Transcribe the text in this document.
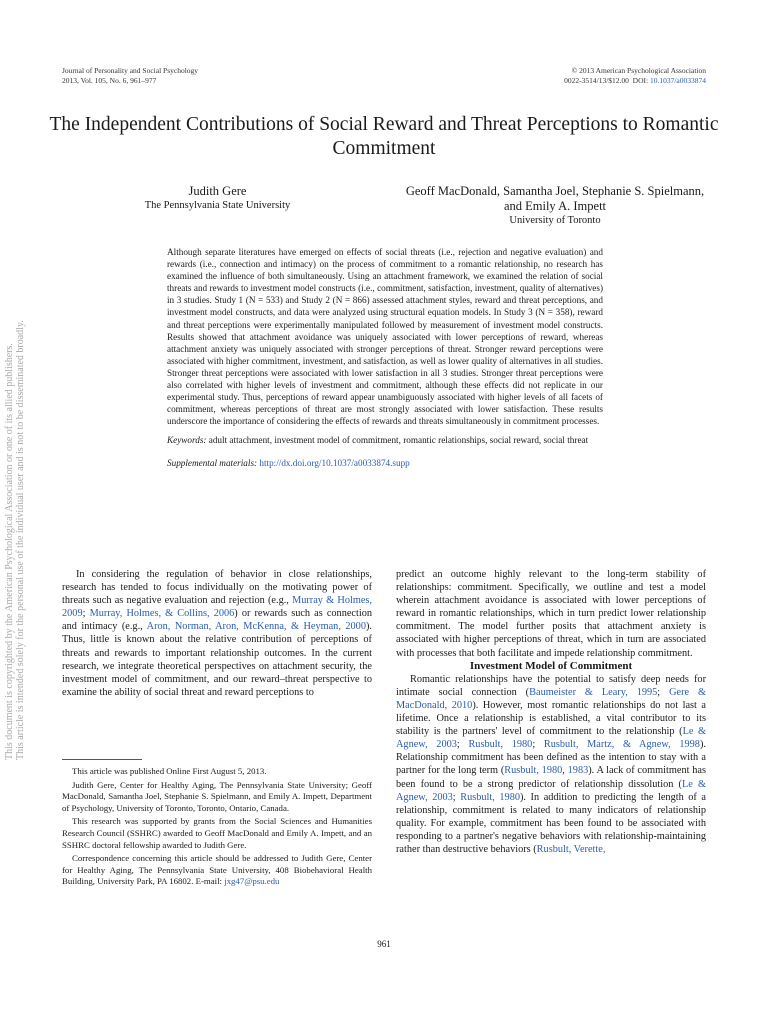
Journal of Personality and Social Psychology
2013, Vol. 105, No. 6, 961–977
© 2013 American Psychological Association
0022-3514/13/$12.00 DOI: 10.1037/a0033874
The Independent Contributions of Social Reward and Threat Perceptions to Romantic Commitment
Judith Gere
The Pennsylvania State University
Geoff MacDonald, Samantha Joel, Stephanie S. Spielmann, and Emily A. Impett
University of Toronto

Although separate literatures have emerged on effects of social threats (i.e., rejection and negative evaluation) and rewards (i.e., connection and intimacy) on the process of commitment to a romantic relationship, no research has examined the influence of both simultaneously. Using an attachment framework, we examined the relation of social threats and rewards to investment model constructs (i.e., commitment, satisfaction, investment, quality of alternatives) in 3 studies. Study 1 (N = 533) and Study 2 (N = 866) assessed attachment styles, reward and threat perceptions, and investment model constructs, and data were analyzed using structural equation models. In Study 3 (N = 358), reward and threat perceptions were experimentally manipulated followed by measurement of investment model constructs. Results showed that attachment avoidance was uniquely associated with lower perceptions of reward, whereas attachment anxiety was uniquely associated with stronger perceptions of threat. Stronger reward perceptions were associated with higher commitment, investment, and satisfaction, as well as lower quality of alternatives in all studies. Stronger threat perceptions were associated with lower satisfaction in all 3 studies. Stronger threat perceptions were also correlated with higher levels of investment and commitment, although these effects did not replicate in our experimental study. Thus, perceptions of reward appear unambiguously associated with higher levels of all facets of commitment, whereas perceptions of threat are most strongly associated with lower satisfaction. These results underscore the importance of considering the effects of rewards and threats simultaneously in commitment processes.

Keywords: adult attachment, investment model of commitment, romantic relationships, social reward, social threat

Supplemental materials: http://dx.doi.org/10.1037/a0033874.supp

In considering the regulation of behavior in close relationships, research has tended to focus individually on the motivating power of threats such as negative evaluation and rejection (e.g., Murray & Holmes, 2009; Murray, Holmes, & Collins, 2006) or rewards such as connection and intimacy (e.g., Aron, Norman, Aron, McKenna, & Heyman, 2000). Thus, little is known about the relative contribution of perceptions of threats and rewards to important relationship outcomes. In the current research, we integrate theoretical perspectives on attachment security, the investment model of commitment, and our reward–threat perspective to examine the ability of social threat and reward perceptions to

This article was published Online First August 5, 2013.

Judith Gere, Center for Healthy Aging, The Pennsylvania State University; Geoff MacDonald, Samantha Joel, Stephanie S. Spielmann, and Emily A. Impett, Department of Psychology, University of Toronto, Toronto, Ontario, Canada.

This research was supported by grants from the Social Sciences and Humanities Research Council (SSHRC) awarded to Geoff MacDonald and Emily A. Impett, and an SSHRC doctoral fellowship awarded to Judith Gere.

Correspondence concerning this article should be addressed to Judith Gere, Center for Healthy Aging, The Pennsylvania State University, 408 Biobehavioral Health Building, University Park, PA 16802. E-mail: jxg47@psu.edu

predict an outcome highly relevant to the long-term stability of relationships: commitment. Specifically, we outline and test a model wherein attachment avoidance is associated with lower perceptions of reward in romantic relationships, which in turn predict lower relationship commitment. The model further posits that attachment anxiety is associated with higher perceptions of threat, which in turn are associated with processes that both facilitate and impede relationship commitment.

Investment Model of Commitment

Romantic relationships have the potential to satisfy deep needs for intimate social connection (Baumeister & Leary, 1995; Gere & MacDonald, 2010). However, most romantic relationships do not last a lifetime. Once a relationship is established, a vital contributor to its stability is the partners' level of commitment to the relationship (Le & Agnew, 2003; Rusbult, 1980; Rusbult, Martz, & Agnew, 1998). Relationship commitment has been defined as the intention to stay with a partner for the long term (Rusbult, 1980, 1983). A lack of commitment has been found to be a strong predictor of relationship dissolution (Le & Agnew, 2003; Rusbult, 1980). In addition to predicting the length of a relationship, commitment is related to many indicators of relationship quality. For example, commitment has been found to be associated with responding to a partner's negative behaviors with relationship-maintaining rather than destructive behaviors (Rusbult, Verette,

This document is copyrighted by the American Psychological Association or one of its allied publishers. This article is intended solely for the personal use of the individual user and is not to be disseminated broadly.
961
